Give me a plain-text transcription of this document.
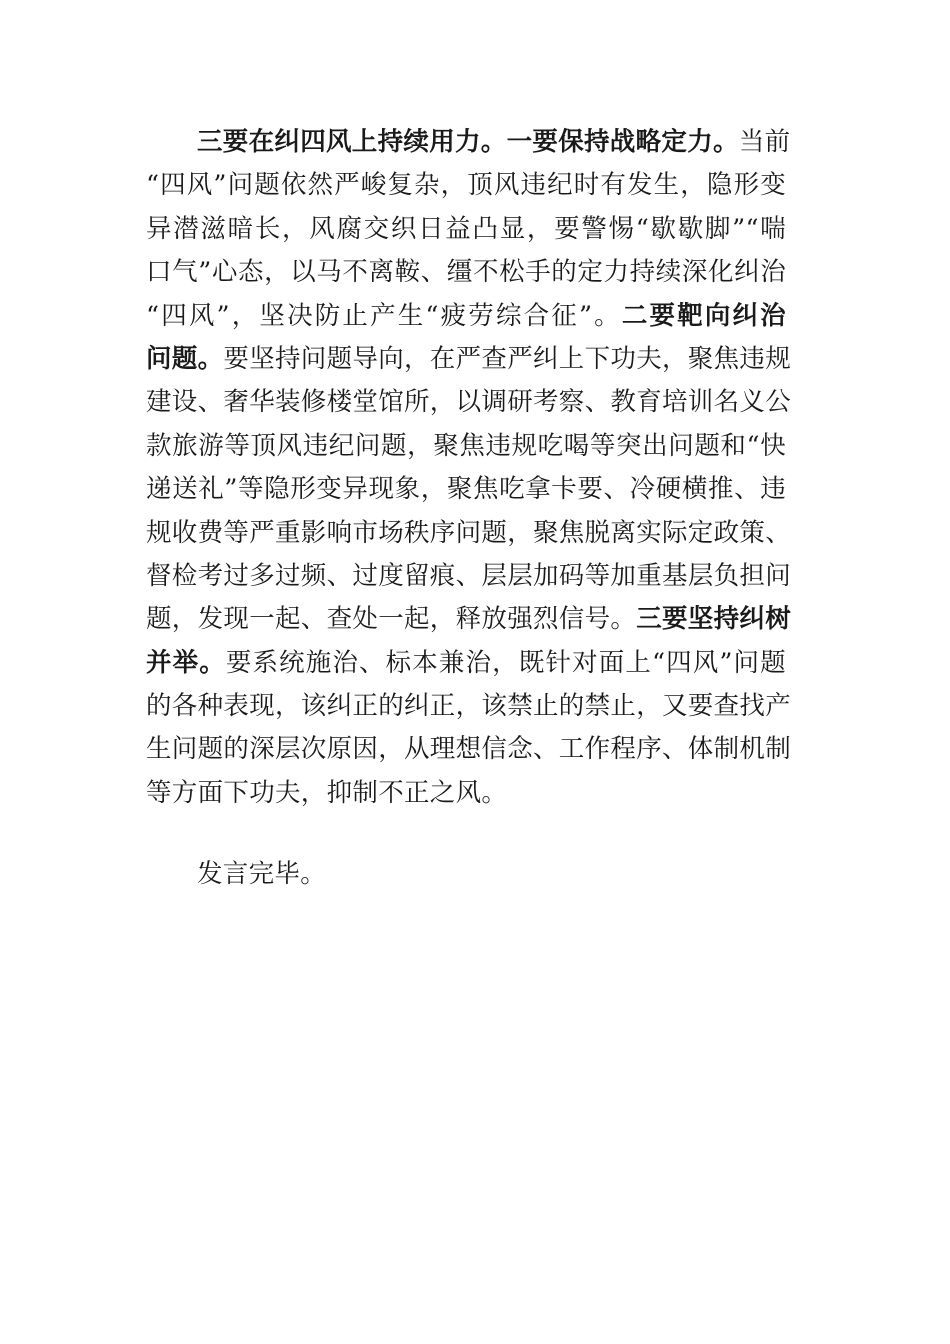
三要在纠四风上持续用力。一要保持战略定力。当前
“四风”问题依然严峻复杂，顶风违纪时有发生，隐形变
异潜滋暗长，风腐交织日益凸显，要警惕“歇歇脚”“喘
口气”心态，以马不离鞍、缰不松手的定力持续深化纠治
“四风”，坚决防止产生“疲劳综合征”。二要靶向纠治
问题。要坚持问题导向，在严查严纠上下功夫，聚焦违规
建设、奢华装修楼堂馆所，以调研考察、教育培训名义公
款旅游等顶风违纪问题，聚焦违规吃喝等突出问题和“快
递送礼”等隐形变异现象，聚焦吃拿卡要、冷硬横推、违
规收费等严重影响市场秩序问题，聚焦脱离实际定政策、
督检考过多过频、过度留痕、层层加码等加重基层负担问
题，发现一起、查处一起，释放强烈信号。三要坚持纠树
并举。要系统施治、标本兼治，既针对面上“四风”问题
的各种表现，该纠正的纠正，该禁止的禁止，又要查找产
生问题的深层次原因，从理想信念、工作程序、体制机制
等方面下功夫，抑制不正之风。

发言完毕。
